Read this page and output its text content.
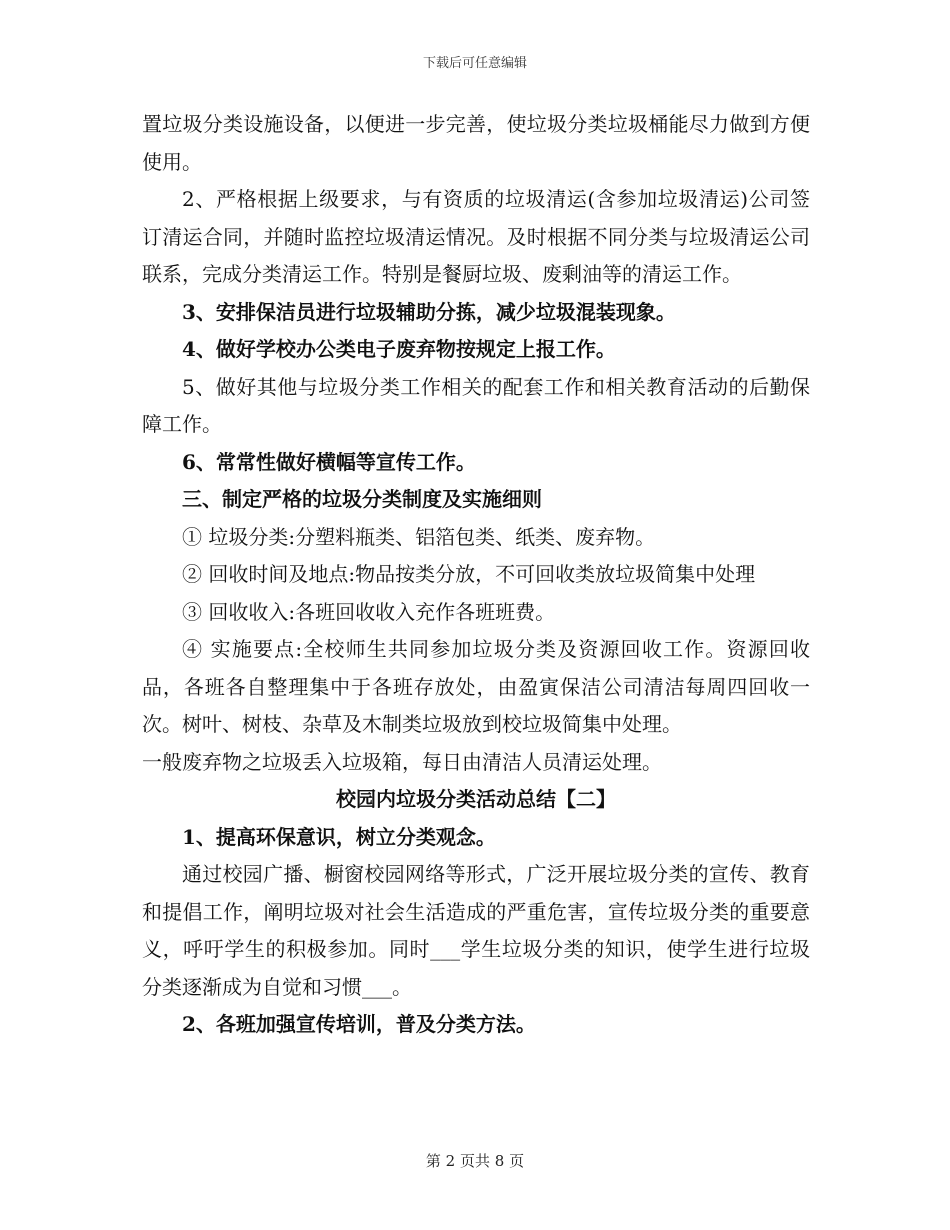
下载后可任意编辑

置垃圾分类设施设备，以便进一步完善，使垃圾分类垃圾桶能尽力做到方便使用。

2、严格根据上级要求，与有资质的垃圾清运(含参加垃圾清运)公司签订清运合同，并随时监控垃圾清运情况。及时根据不同分类与垃圾清运公司联系，完成分类清运工作。特别是餐厨垃圾、废剩油等的清运工作。

3、安排保洁员进行垃圾辅助分拣，减少垃圾混装现象。

4、做好学校办公类电子废弃物按规定上报工作。

5、做好其他与垃圾分类工作相关的配套工作和相关教育活动的后勤保障工作。

6、常常性做好横幅等宣传工作。

三、制定严格的垃圾分类制度及实施细则

① 垃圾分类:分塑料瓶类、铝箔包类、纸类、废弃物。

② 回收时间及地点:物品按类分放，不可回收类放垃圾简集中处理

③ 回收收入:各班回收收入充作各班班费。

④ 实施要点:全校师生共同参加垃圾分类及资源回收工作。资源回收品，各班各自整理集中于各班存放处，由盈寅保洁公司清洁每周四回收一次。树叶、树枝、杂草及木制类垃圾放到校垃圾简集中处理。

一般废弃物之垃圾丢入垃圾箱，每日由清洁人员清运处理。

校园内垃圾分类活动总结【二】

1、提高环保意识，树立分类观念。

通过校园广播、橱窗校园网络等形式，广泛开展垃圾分类的宣传、教育和提倡工作，阐明垃圾对社会生活造成的严重危害，宣传垃圾分类的重要意义，呼吁学生的积极参加。同时___学生垃圾分类的知识，使学生进行垃圾分类逐渐成为自觉和习惯___。

2、各班加强宣传培训，普及分类方法。

第 2 页共 8 页
